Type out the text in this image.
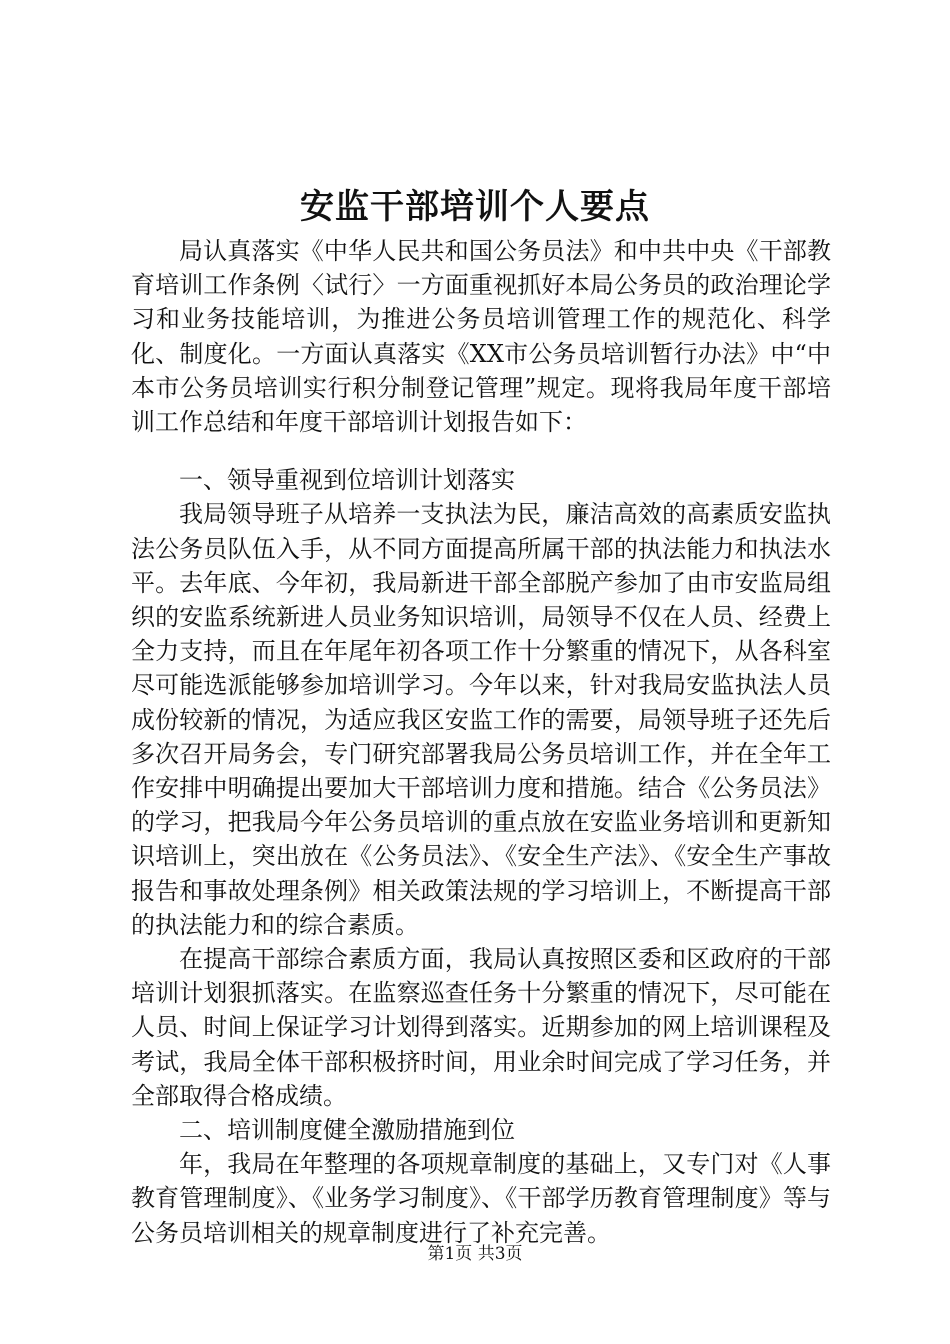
安监干部培训个人要点

局认真落实《中华人民共和国公务员法》和中共中央《干部教育培训工作条例〈试行〉一方面重视抓好本局公务员的政治理论学习和业务技能培训，为推进公务员培训管理工作的规范化、科学化、制度化。一方面认真落实《XX市公务员培训暂行办法》中“中本市公务员培训实行积分制登记管理”规定。现将我局年度干部培训工作总结和年度干部培训计划报告如下：

一、领导重视到位培训计划落实

我局领导班子从培养一支执法为民，廉洁高效的高素质安监执法公务员队伍入手，从不同方面提高所属干部的执法能力和执法水平。去年底、今年初，我局新进干部全部脱产参加了由市安监局组织的安监系统新进人员业务知识培训，局领导不仅在人员、经费上全力支持，而且在年尾年初各项工作十分繁重的情况下，从各科室尽可能选派能够参加培训学习。今年以来，针对我局安监执法人员成份较新的情况，为适应我区安监工作的需要，局领导班子还先后多次召开局务会，专门研究部署我局公务员培训工作，并在全年工作安排中明确提出要加大干部培训力度和措施。结合《公务员法》的学习，把我局今年公务员培训的重点放在安监业务培训和更新知识培训上，突出放在《公务员法》、《安全生产法》、《安全生产事故报告和事故处理条例》相关政策法规的学习培训上，不断提高干部的执法能力和的综合素质。

在提高干部综合素质方面，我局认真按照区委和区政府的干部培训计划狠抓落实。在监察巡查任务十分繁重的情况下，尽可能在人员、时间上保证学习计划得到落实。近期参加的网上培训课程及考试，我局全体干部积极挤时间，用业余时间完成了学习任务，并全部取得合格成绩。

二、培训制度健全激励措施到位

年，我局在年整理的各项规章制度的基础上，又专门对《人事教育管理制度》、《业务学习制度》、《干部学历教育管理制度》等与公务员培训相关的规章制度进行了补充完善。

第1页 共3页
